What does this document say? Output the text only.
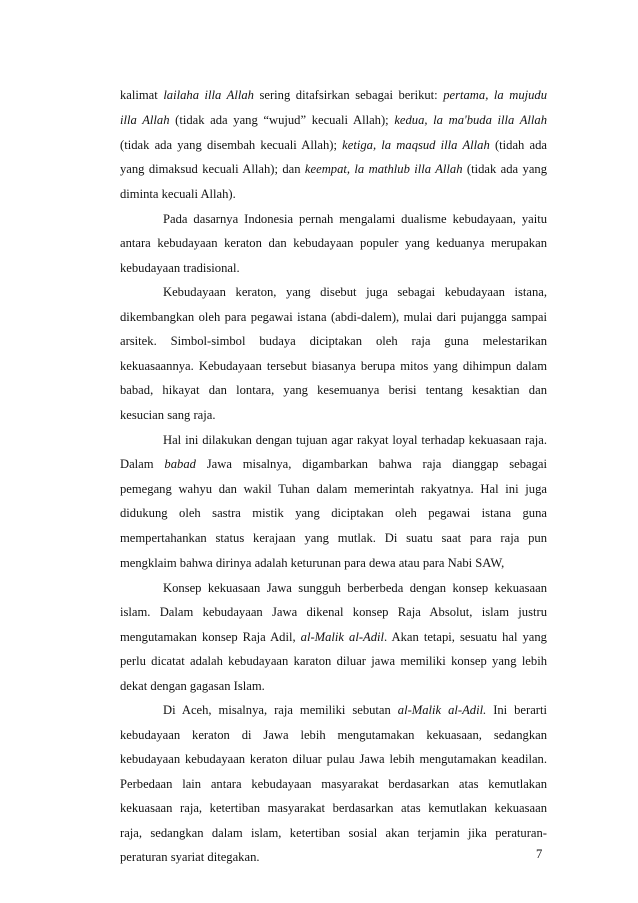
kalimat lailaha illa Allah sering ditafsirkan sebagai berikut: pertama, la mujudu
illa Allah (tidak ada yang “wujud” kecuali Allah); kedua, la ma'buda illa Allah
(tidak ada yang disembah kecuali Allah); ketiga, la maqsud illa Allah (tidah ada
yang dimaksud kecuali Allah); dan keempat, la mathlub illa Allah (tidak ada yang
diminta kecuali Allah).
Pada dasarnya Indonesia pernah mengalami dualisme kebudayaan, yaitu
antara kebudayaan keraton dan kebudayaan populer yang keduanya merupakan
kebudayaan tradisional.
Kebudayaan keraton, yang disebut juga sebagai kebudayaan istana,
dikembangkan oleh para pegawai istana (abdi-dalem), mulai dari pujangga sampai
arsitek. Simbol-simbol budaya diciptakan oleh raja guna melestarikan
kekuasaannya. Kebudayaan tersebut biasanya berupa mitos yang dihimpun dalam
babad, hikayat dan lontara, yang kesemuanya berisi tentang kesaktian dan
kesucian sang raja.
Hal ini dilakukan dengan tujuan agar rakyat loyal terhadap kekuasaan raja.
Dalam babad Jawa misalnya, digambarkan bahwa raja dianggap sebagai
pemegang wahyu dan wakil Tuhan dalam memerintah rakyatnya. Hal ini juga
didukung oleh sastra mistik yang diciptakan oleh pegawai istana guna
mempertahankan status kerajaan yang mutlak. Di suatu saat para raja pun
mengklaim bahwa dirinya adalah keturunan para dewa atau para Nabi SAW,
Konsep kekuasaan Jawa sungguh berberbeda dengan konsep kekuasaan
islam. Dalam kebudayaan Jawa dikenal konsep Raja Absolut, islam justru
mengutamakan konsep Raja Adil, al-Malik al-Adil. Akan tetapi, sesuatu hal yang
perlu dicatat adalah kebudayaan karaton diluar jawa memiliki konsep yang lebih
dekat dengan gagasan Islam.
Di Aceh, misalnya, raja memiliki sebutan al-Malik al-Adil. Ini berarti
kebudayaan keraton di Jawa lebih mengutamakan kekuasaan, sedangkan
kebudayaan kebudayaan keraton diluar pulau Jawa lebih mengutamakan keadilan.
Perbedaan lain antara kebudayaan masyarakat berdasarkan atas kemutlakan
kekuasaan raja, ketertiban masyarakat berdasarkan atas kemutlakan kekuasaan
raja, sedangkan dalam islam, ketertiban sosial akan terjamin jika peraturan-
peraturan syariat ditegakan.	7
